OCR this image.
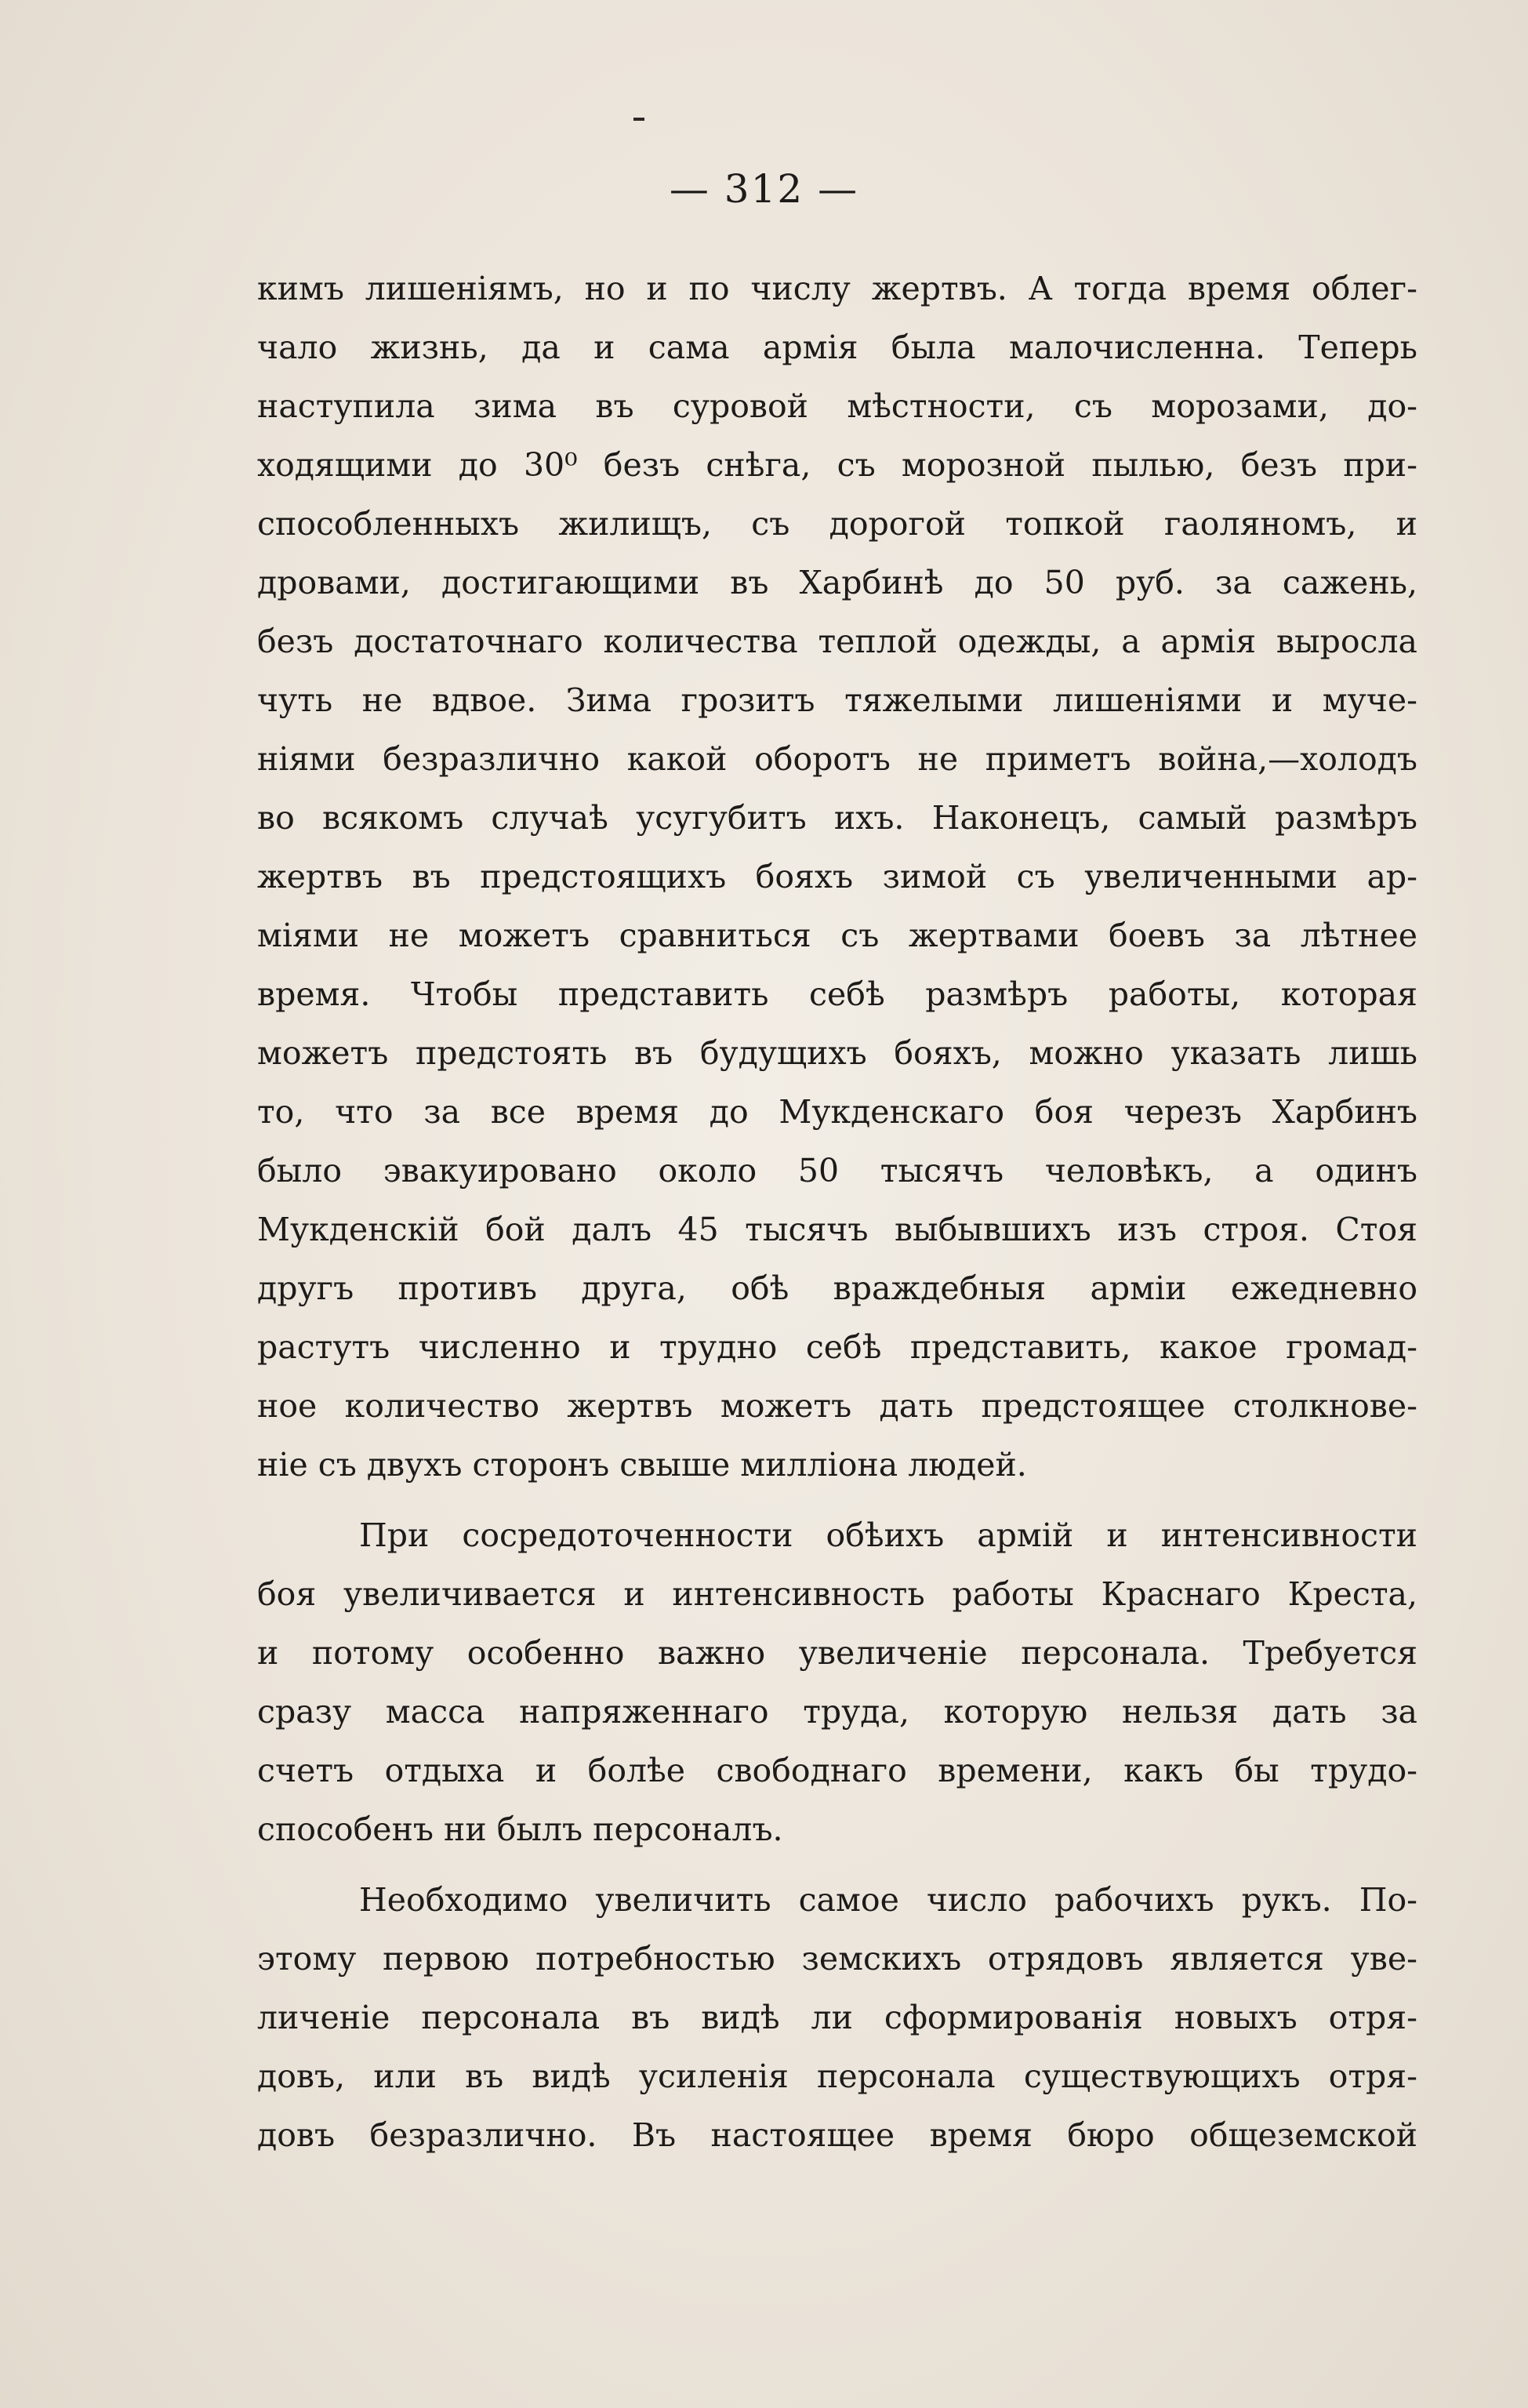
— 312 —
кимъ лишеніямъ, но и по числу жертвъ. А тогда время облег-
чало жизнь, да и сама армія была малочисленна. Теперь
наступила зима въ суровой мѣстности, съ морозами, до-
ходящими до 30⁰ безъ снѣга, съ морозной пылью, безъ при-
способленныхъ жилищъ, съ дорогой топкой гаоляномъ, и
дровами, достигающими въ Харбинѣ до 50 руб. за сажень,
безъ достаточнаго количества теплой одежды, а армія выросла
чуть не вдвое. Зима грозитъ тяжелыми лишеніями и муче-
ніями безразлично какой оборотъ не приметъ война,—холодъ
во всякомъ случаѣ усугубитъ ихъ. Наконецъ, самый размѣръ
жертвъ въ предстоящихъ бояхъ зимой съ увеличенными ар-
міями не можетъ сравниться съ жертвами боевъ за лѣтнее
время. Чтобы представить себѣ размѣръ работы, которая
можетъ предстоять въ будущихъ бояхъ, можно указать лишь
то, что за все время до Мукденскаго боя черезъ Харбинъ
было эвакуировано около 50 тысячъ человѣкъ, а одинъ
Мукденскій бой далъ 45 тысячъ выбывшихъ изъ строя. Стоя
другъ противъ друга, обѣ враждебныя арміи ежедневно
растутъ численно и трудно себѣ представить, какое громад-
ное количество жертвъ можетъ дать предстоящее столкнове-
ніе съ двухъ сторонъ свыше милліона людей.
При сосредоточенности обѣихъ армій и интенсивности
боя увеличивается и интенсивность работы Краснаго Креста,
и потому особенно важно увеличеніе персонала. Требуется
сразу масса напряженнаго труда, которую нельзя дать за
счетъ отдыха и болѣе свободнаго времени, какъ бы трудо-
способенъ ни былъ персоналъ.
Необходимо увеличить самое число рабочихъ рукъ. По-
этому первою потребностью земскихъ отрядовъ является уве-
личеніе персонала въ видѣ ли сформированія новыхъ отря-
довъ, или въ видѣ усиленія персонала существующихъ отря-
довъ безразлично. Въ настоящее время бюро общеземской
